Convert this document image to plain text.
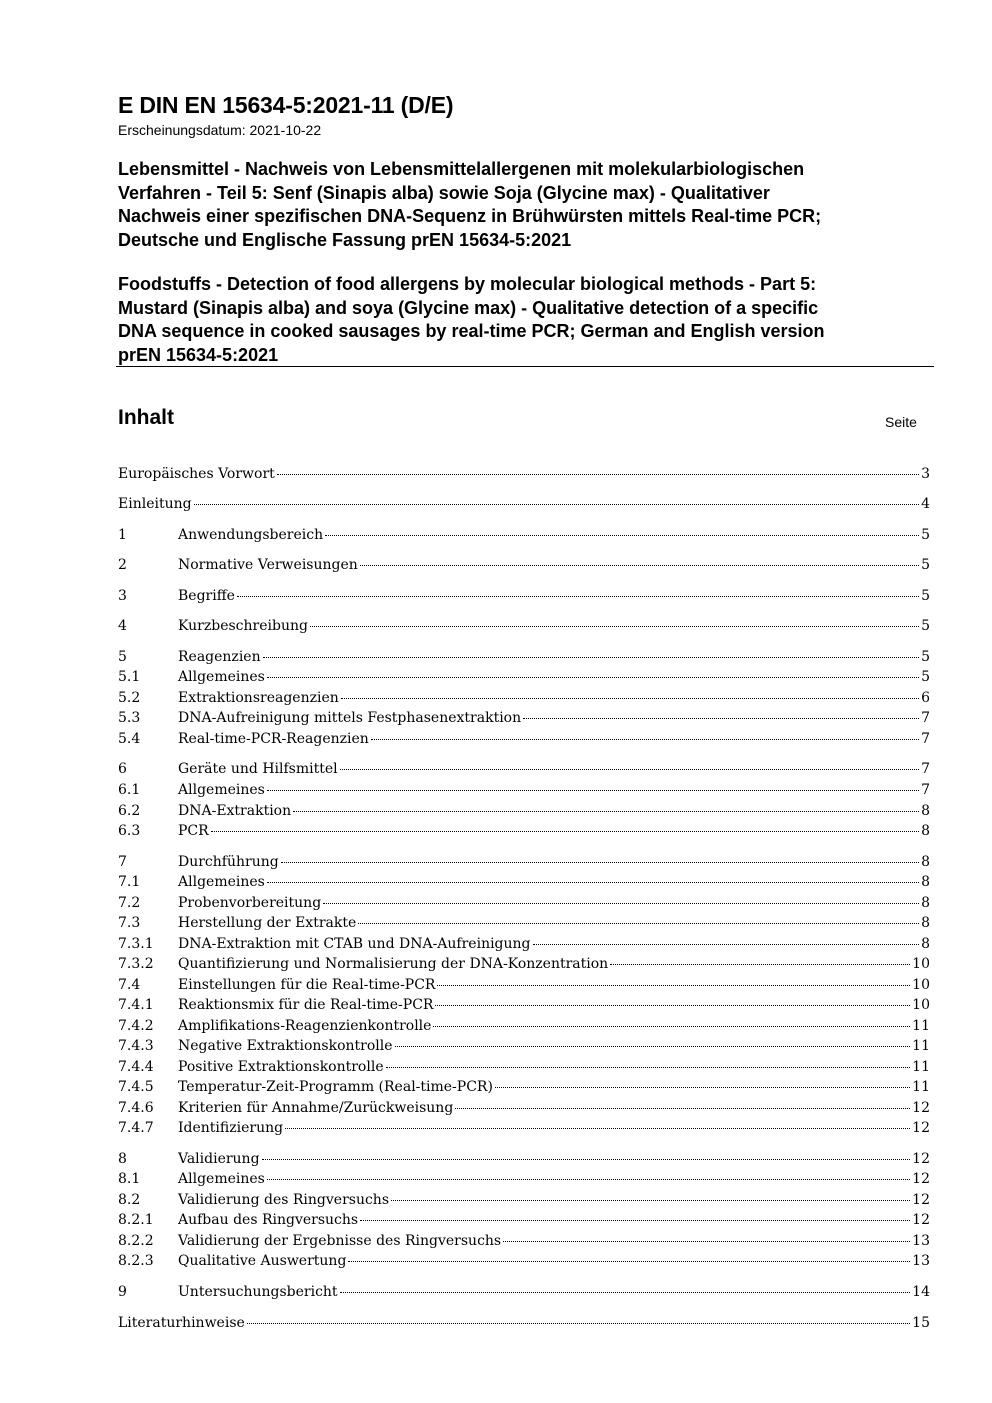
E DIN EN 15634-5:2021-11 (D/E)

Erscheinungsdatum: 2021-10-22

Lebensmittel - Nachweis von Lebensmittelallergenen mit molekularbiologischen
Verfahren - Teil 5: Senf (Sinapis alba) sowie Soja (Glycine max) - Qualitativer
Nachweis einer spezifischen DNA-Sequenz in Brühwürsten mittels Real-time PCR;
Deutsche und Englische Fassung prEN 15634-5:2021
Foodstuffs - Detection of food allergens by molecular biological methods - Part 5:
Mustard (Sinapis alba) and soya (Glycine max) - Qualitative detection of a specific
DNA sequence in cooked sausages by real-time PCR; German and English version
prEN 15634-5:2021
Inhalt	Seite
Europäisches Vorwort	3
Einleitung	4
1	Anwendungsbereich	5
2	Normative Verweisungen	5
3	Begriffe	5
4	Kurzbeschreibung	5
5	Reagenzien	5
5.1	Allgemeines	5
5.2	Extraktionsreagenzien	6
5.3	DNA-Aufreinigung mittels Festphasenextraktion	7
5.4	Real-time-PCR-Reagenzien	7
6	Geräte und Hilfsmittel	7
6.1	Allgemeines	7
6.2	DNA-Extraktion	8
6.3	PCR	8
7	Durchführung	8
7.1	Allgemeines	8
7.2	Probenvorbereitung	8
7.3	Herstellung der Extrakte	8
7.3.1	DNA-Extraktion mit CTAB und DNA-Aufreinigung	8
7.3.2	Quantifizierung und Normalisierung der DNA-Konzentration	10
7.4	Einstellungen für die Real-time-PCR	10
7.4.1	Reaktionsmix für die Real-time-PCR	10
7.4.2	Amplifikations-Reagenzienkontrolle	11
7.4.3	Negative Extraktionskontrolle	11
7.4.4	Positive Extraktionskontrolle	11
7.4.5	Temperatur-Zeit-Programm (Real-time-PCR)	11
7.4.6	Kriterien für Annahme/Zurückweisung	12
7.4.7	Identifizierung	12
8	Validierung	12
8.1	Allgemeines	12
8.2	Validierung des Ringversuchs	12
8.2.1	Aufbau des Ringversuchs	12
8.2.2	Validierung der Ergebnisse des Ringversuchs	13
8.2.3	Qualitative Auswertung	13
9	Untersuchungsbericht	14
Literaturhinweise	15
